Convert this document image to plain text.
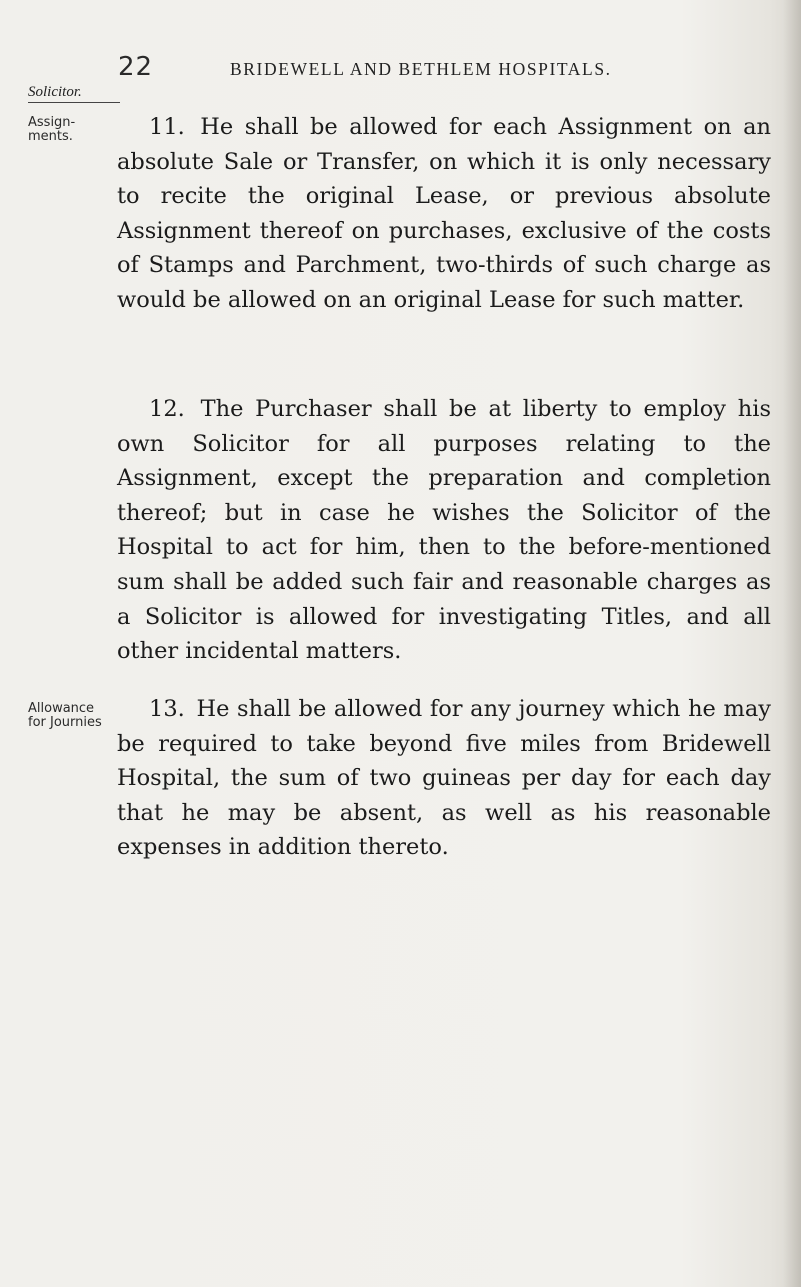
22	BRIDEWELL AND BETHLEM HOSPITALS.
Solicitor.
Assign-
ments.	11. He shall be allowed for each Assignment on an absolute Sale or Transfer, on which it is only necessary to recite the original Lease, or previous absolute Assignment thereof on purchases, exclusive of the costs of Stamps and Parchment, two-thirds of such charge as would be allowed on an original Lease for such matter.

12. The Purchaser shall be at liberty to employ his own Solicitor for all purposes relating to the Assignment, except the preparation and completion thereof; but in case he wishes the Solicitor of the Hospital to act for him, then to the before-mentioned sum shall be added such fair and reasonable charges as a Solicitor is allowed for investigating Titles, and all other incidental matters.

Allowance
for Journies

13. He shall be allowed for any journey which he may be required to take beyond five miles from Bridewell Hospital, the sum of two guineas per day for each day that he may be absent, as well as his reasonable expenses in addition thereto.
